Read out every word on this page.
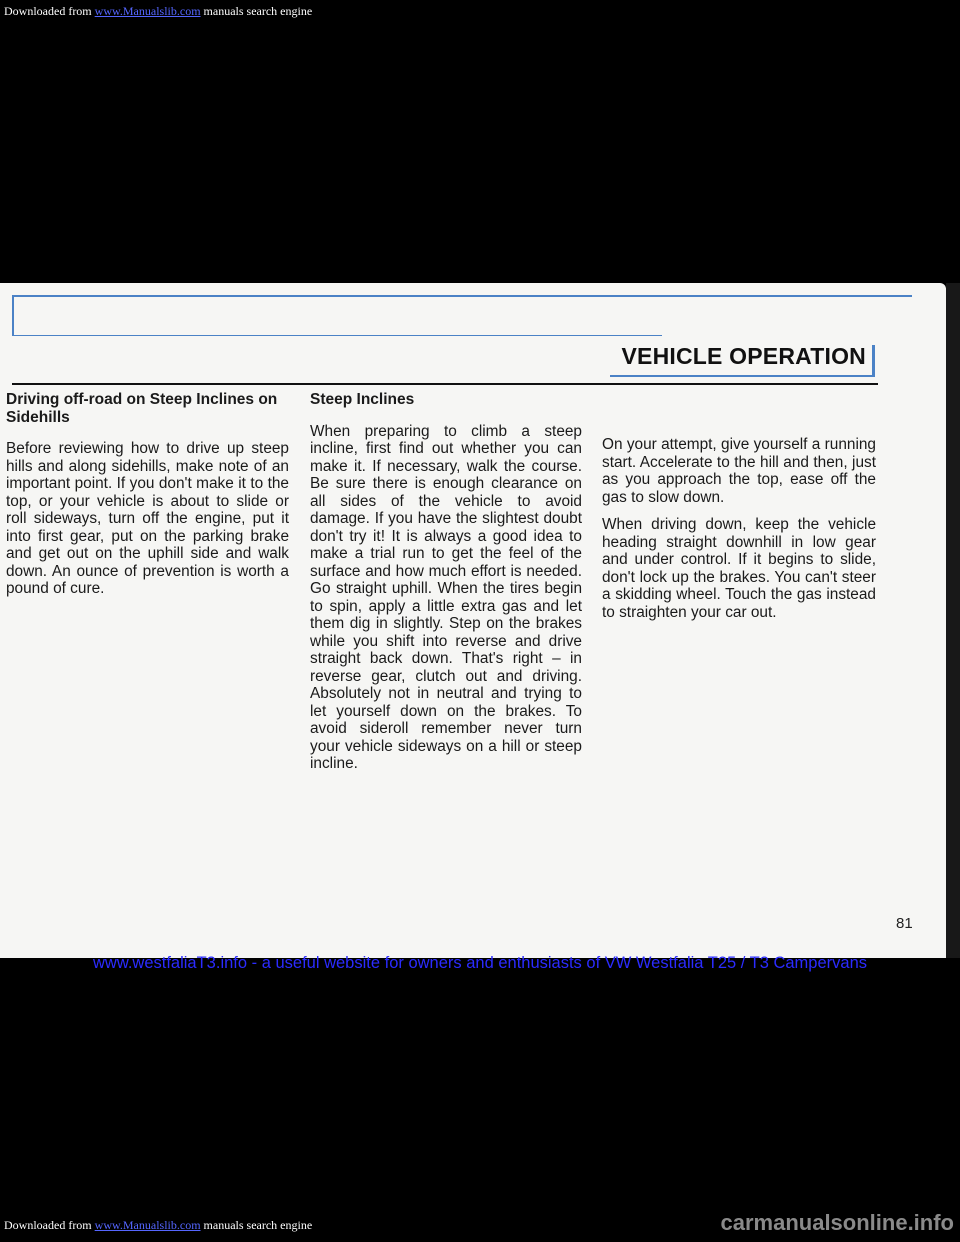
Downloaded from www.Manualslib.com manuals search engine
VEHICLE OPERATION
Driving off-road on Steep Inclines on Sidehills

Before reviewing how to drive up steep hills and along sidehills, make note of an important point. If you don't make it to the top, or your vehicle is about to slide or roll sideways, turn off the engine, put it into first gear, put on the parking brake and get out on the uphill side and walk down. An ounce of prevention is worth a pound of cure.

Steep Inclines

When preparing to climb a steep incline, first find out whether you can make it. If necessary, walk the course. Be sure there is enough clearance on all sides of the vehicle to avoid damage. If you have the slightest doubt don't try it! It is always a good idea to make a trial run to get the feel of the surface and how much effort is needed. Go straight uphill. When the tires begin to spin, apply a little extra gas and let them dig in slightly. Step on the brakes while you shift into reverse and drive straight back down. That's right – in reverse gear, clutch out and driving. Absolutely not in neutral and trying to let yourself down on the brakes. To avoid sideroll remember never turn your vehicle sideways on a hill or steep incline.

On your attempt, give yourself a running start. Accelerate to the hill and then, just as you approach the top, ease off the gas to slow down.

When driving down, keep the vehicle heading straight downhill in low gear and under control. If it begins to slide, don't lock up the brakes. You can't steer a skidding wheel. Touch the gas instead to straighten your car out.

81
www.westfaliaT3.info - a useful website for owners and enthusiasts of VW Westfalia T25 / T3 Campervans
Downloaded from www.Manualslib.com manuals search engine	carmanualsonline.info
